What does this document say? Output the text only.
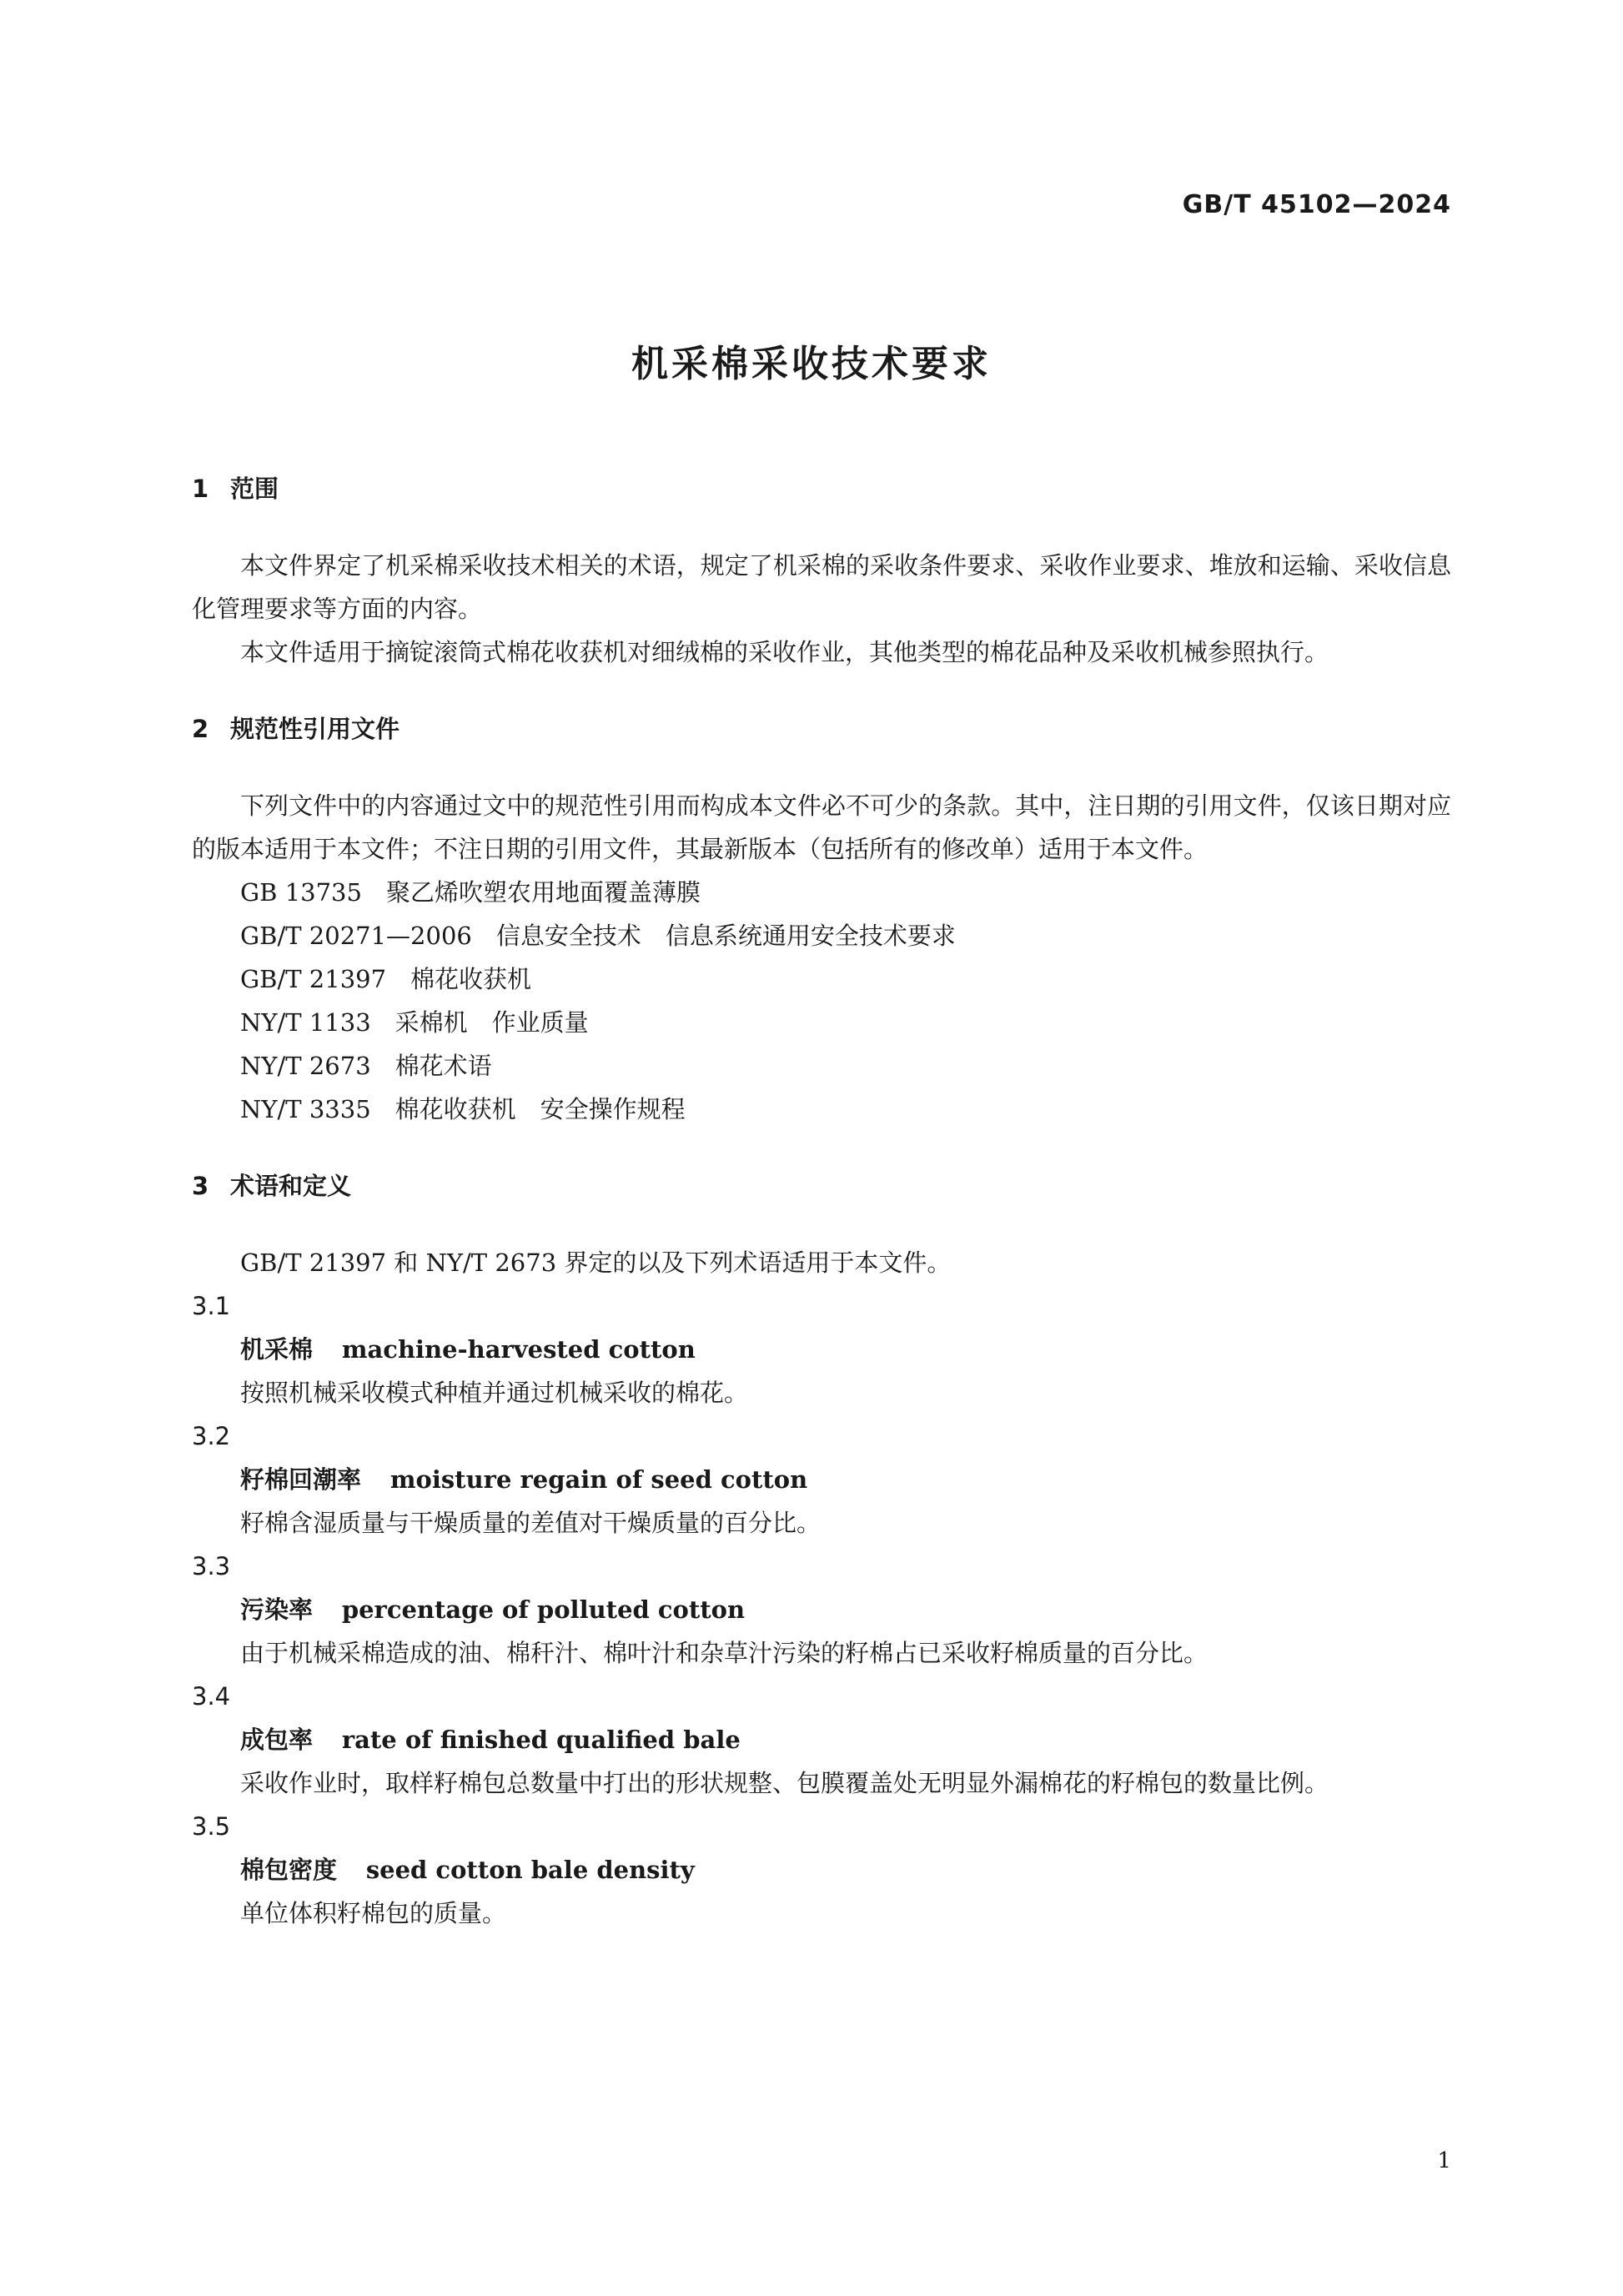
GB/T 45102—2024
机采棉采收技术要求
1 范围

本文件界定了机采棉采收技术相关的术语，规定了机采棉的采收条件要求、采收作业要求、堆放和运输、采收信息化管理要求等方面的内容。

本文件适用于摘锭滚筒式棉花收获机对细绒棉的采收作业，其他类型的棉花品种及采收机械参照执行。

2 规范性引用文件

下列文件中的内容通过文中的规范性引用而构成本文件必不可少的条款。其中，注日期的引用文件，仅该日期对应的版本适用于本文件；不注日期的引用文件，其最新版本（包括所有的修改单）适用于本文件。

GB 13735　聚乙烯吹塑农用地面覆盖薄膜

GB/T 20271—2006　信息安全技术　信息系统通用安全技术要求

GB/T 21397　棉花收获机

NY/T 1133　采棉机　作业质量

NY/T 2673　棉花术语

NY/T 3335　棉花收获机　安全操作规程

3 术语和定义

GB/T 21397 和 NY/T 2673 界定的以及下列术语适用于本文件。

3.1

机采棉 machine-harvested cotton

按照机械采收模式种植并通过机械采收的棉花。

3.2

籽棉回潮率 moisture regain of seed cotton

籽棉含湿质量与干燥质量的差值对干燥质量的百分比。

3.3

污染率 percentage of polluted cotton

由于机械采棉造成的油、棉秆汁、棉叶汁和杂草汁污染的籽棉占已采收籽棉质量的百分比。

3.4

成包率 rate of finished qualified bale

采收作业时，取样籽棉包总数量中打出的形状规整、包膜覆盖处无明显外漏棉花的籽棉包的数量比例。

3.5

棉包密度 seed cotton bale density

单位体积籽棉包的质量。

1
